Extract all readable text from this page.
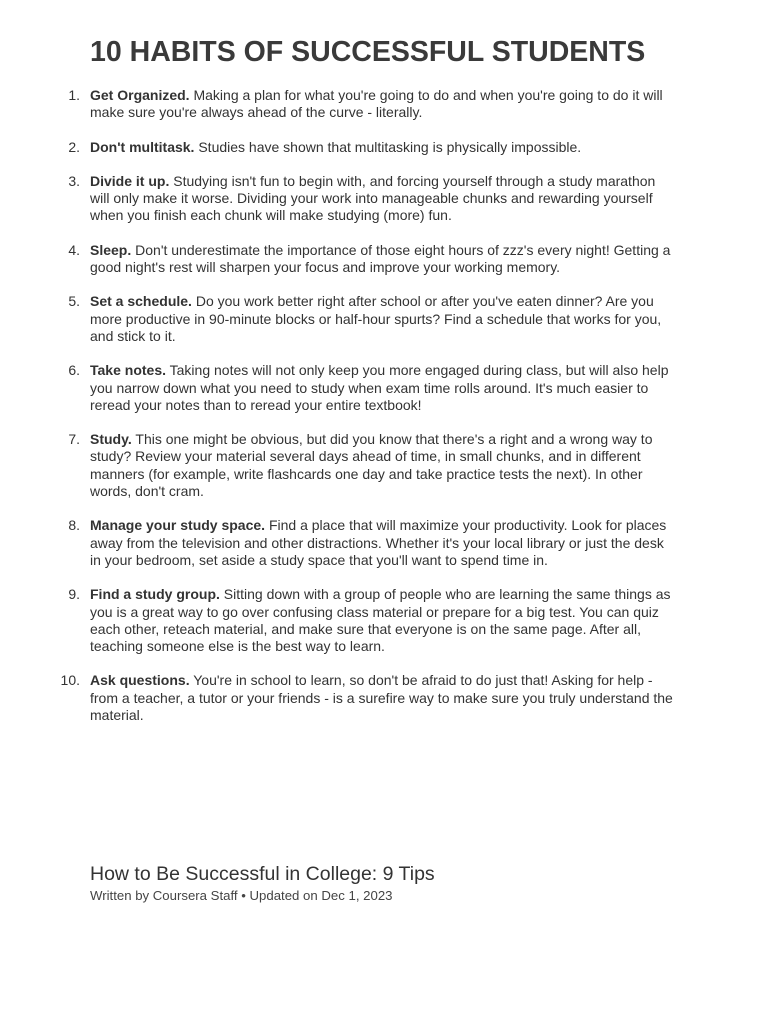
10 HABITS OF SUCCESSFUL STUDENTS
1. Get Organized. Making a plan for what you're going to do and when you're going to do it will make sure you're always ahead of the curve - literally.
2. Don't multitask. Studies have shown that multitasking is physically impossible.
3. Divide it up. Studying isn't fun to begin with, and forcing yourself through a study marathon will only make it worse. Dividing your work into manageable chunks and rewarding yourself when you finish each chunk will make studying (more) fun.
4. Sleep. Don't underestimate the importance of those eight hours of zzz's every night! Getting a good night's rest will sharpen your focus and improve your working memory.
5. Set a schedule. Do you work better right after school or after you've eaten dinner? Are you more productive in 90-minute blocks or half-hour spurts? Find a schedule that works for you, and stick to it.
6. Take notes. Taking notes will not only keep you more engaged during class, but will also help you narrow down what you need to study when exam time rolls around. It's much easier to reread your notes than to reread your entire textbook!
7. Study. This one might be obvious, but did you know that there's a right and a wrong way to study? Review your material several days ahead of time, in small chunks, and in different manners (for example, write flashcards one day and take practice tests the next). In other words, don't cram.
8. Manage your study space. Find a place that will maximize your productivity. Look for places away from the television and other distractions. Whether it's your local library or just the desk in your bedroom, set aside a study space that you'll want to spend time in.
9. Find a study group. Sitting down with a group of people who are learning the same things as you is a great way to go over confusing class material or prepare for a big test. You can quiz each other, reteach material, and make sure that everyone is on the same page. After all, teaching someone else is the best way to learn.
10. Ask questions. You're in school to learn, so don't be afraid to do just that! Asking for help - from a teacher, a tutor or your friends - is a surefire way to make sure you truly understand the material.
How to Be Successful in College: 9 Tips
Written by Coursera Staff • Updated on Dec 1, 2023
